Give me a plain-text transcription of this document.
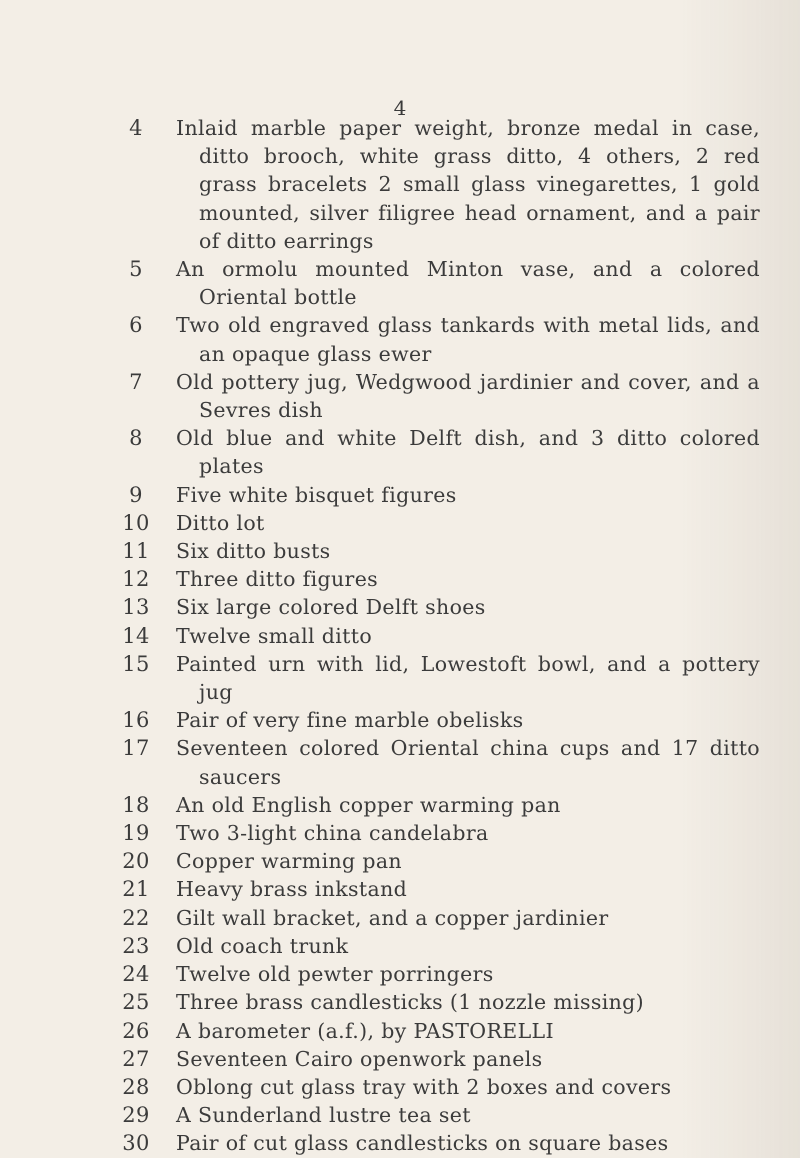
4
4	Inlaid marble paper weight, bronze medal in case, ditto brooch, white grass ditto, 4 others, 2 red grass bracelets 2 small glass vinegarettes, 1 gold mounted, silver filigree head ornament, and a pair of ditto earrings
5	An ormolu mounted Minton vase, and a colored Oriental bottle
6	Two old engraved glass tankards with metal lids, and an opaque glass ewer
7	Old pottery jug, Wedgwood jardinier and cover, and a Sevres dish
8	Old blue and white Delft dish, and 3 ditto colored plates
9	Five white bisquet figures
10	Ditto lot
11	Six ditto busts
12	Three ditto figures
13	Six large colored Delft shoes
14	Twelve small ditto
15	Painted urn with lid, Lowestoft bowl, and a pottery jug
16	Pair of very fine marble obelisks
17	Seventeen colored Oriental china cups and 17 ditto saucers
18	An old English copper warming pan
19	Two 3-light china candelabra
20	Copper warming pan
21	Heavy brass inkstand
22	Gilt wall bracket, and a copper jardinier
23	Old coach trunk
24	Twelve old pewter porringers
25	Three brass candlesticks (1 nozzle missing)
26	A barometer (a.f.), by PASTORELLI
27	Seventeen Cairo openwork panels
28	Oblong cut glass tray with 2 boxes and covers
29	A Sunderland lustre tea set
30	Pair of cut glass candlesticks on square bases
